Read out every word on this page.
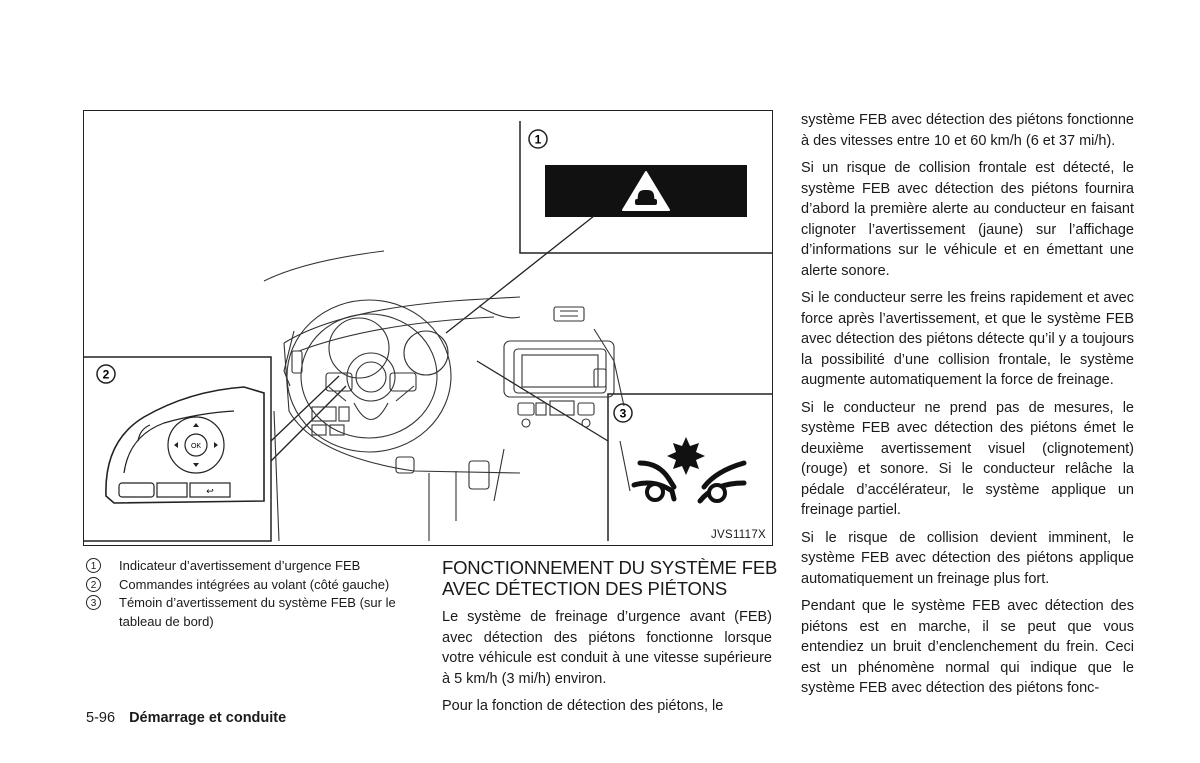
1
2
↩
OK
3
JVS1117X
1	Indicateur d’avertissement d’urgence FEB
2	Commandes intégrées au volant (côté gauche)
3	Témoin d’avertissement du système FEB (sur le tableau de bord)
FONCTIONNEMENT DU SYSTÈME FEB AVEC DÉTECTION DES PIÉTONS

Le système de freinage d’urgence avant (FEB) avec détection des piétons fonctionne lorsque votre véhicule est conduit à une vitesse supérieure à 5 km/h (3 mi/h) environ.

Pour la fonction de détection des piétons, le

système FEB avec détection des piétons fonctionne à des vitesses entre 10 et 60 km/h (6 et 37 mi/h).

Si un risque de collision frontale est détecté, le système FEB avec détection des piétons fournira d’abord la première alerte au conducteur en faisant clignoter l’avertissement (jaune) sur l’affichage d’informations sur le véhicule et en émettant une alerte sonore.

Si le conducteur serre les freins rapidement et avec force après l’avertissement, et que le système FEB avec détection des piétons détecte qu’il y a toujours la possibilité d’une collision frontale, le système augmente automatiquement la force de freinage.

Si le conducteur ne prend pas de mesures, le système FEB avec détection des piétons émet le deuxième avertissement visuel (clignotement) (rouge) et sonore. Si le conducteur relâche la pédale d’accélérateur, le système applique un freinage partiel.

Si le risque de collision devient imminent, le système FEB avec détection des piétons applique automatiquement un freinage plus fort.

Pendant que le système FEB avec détection des piétons est en marche, il se peut que vous entendiez un bruit d’enclenchement du frein. Ceci est un phénomène normal qui indique que le système FEB avec détection des piétons fonc-

5-96 Démarrage et conduite
